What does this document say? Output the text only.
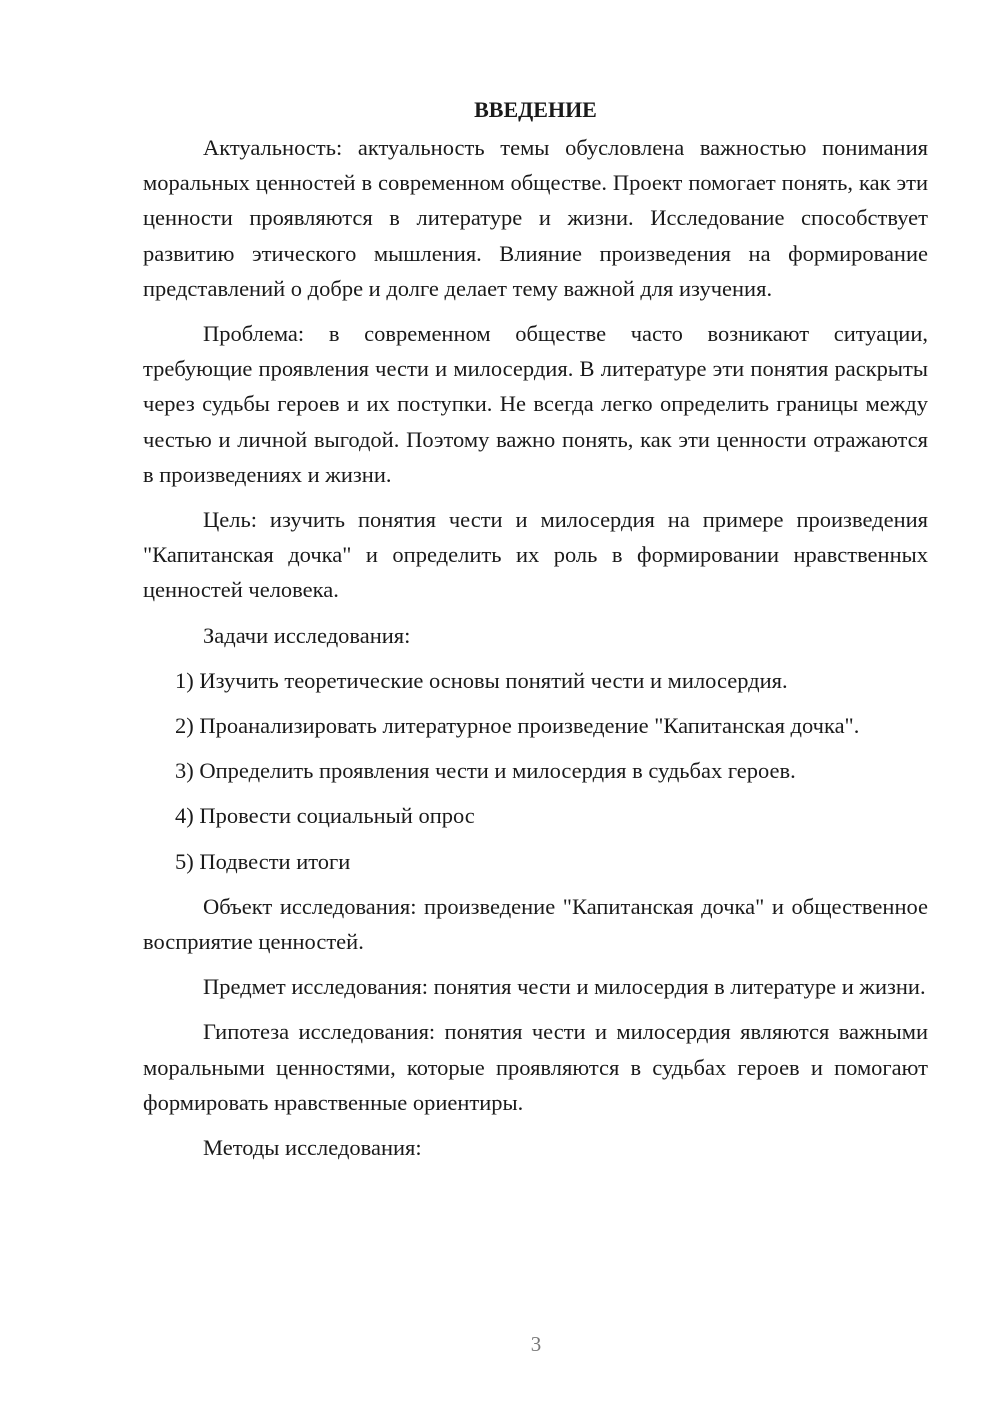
ВВЕДЕНИЕ

Актуальность: актуальность темы обусловлена важностью понимания моральных ценностей в современном обществе. Проект помогает понять, как эти ценности проявляются в литературе и жизни. Исследование способствует развитию этического мышления. Влияние произведения на формирование представлений о добре и долге делает тему важной для изучения.

Проблема: в современном обществе часто возникают ситуации, требующие проявления чести и милосердия. В литературе эти понятия раскрыты через судьбы героев и их поступки. Не всегда легко определить границы между честью и личной выгодой. Поэтому важно понять, как эти ценности отражаются в произведениях и жизни.

Цель: изучить понятия чести и милосердия на примере произведения "Капитанская дочка" и определить их роль в формировании нравственных ценностей человека.

Задачи исследования:

1) Изучить теоретические основы понятий чести и милосердия.

2) Проанализировать литературное произведение "Капитанская дочка".

3) Определить проявления чести и милосердия в судьбах героев.

4) Провести социальный опрос

5) Подвести итоги

Объект исследования: произведение "Капитанская дочка" и общественное восприятие ценностей.

Предмет исследования: понятия чести и милосердия в литературе и жизни.

Гипотеза исследования: понятия чести и милосердия являются важными моральными ценностями, которые проявляются в судьбах героев и помогают формировать нравственные ориентиры.

Методы исследования:

3
